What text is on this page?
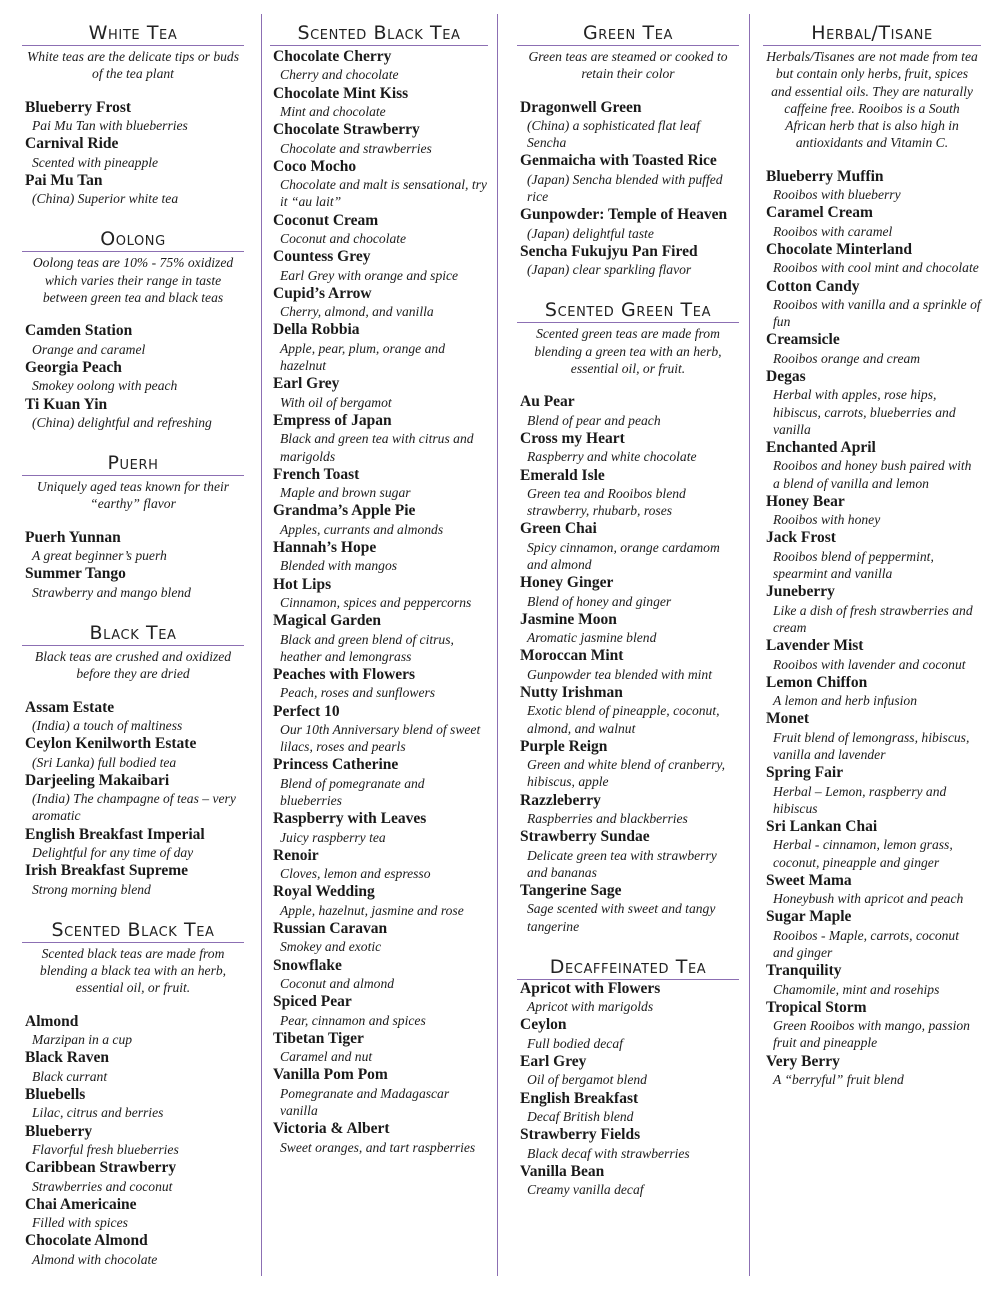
White Tea
White teas are the delicate tips or buds of the tea plant
Blueberry Frost
Pai Mu Tan with blueberries
Carnival Ride
Scented with pineapple
Pai Mu Tan
(China) Superior white tea
Oolong
Oolong teas are 10% - 75% oxidized which varies their range in taste between green tea and black teas
Camden Station
Orange and caramel
Georgia Peach
Smokey oolong with peach
Ti Kuan Yin
(China) delightful and refreshing
Puerh
Uniquely aged teas known for their “earthy” flavor
Puerh Yunnan
A great beginner’s puerh
Summer Tango
Strawberry and mango blend
Black Tea
Black teas are crushed and oxidized before they are dried
Assam Estate
(India) a touch of maltiness
Ceylon Kenilworth Estate
(Sri Lanka) full bodied tea
Darjeeling Makaibari
(India) The champagne of teas – very aromatic
English Breakfast Imperial
Delightful for any time of day
Irish Breakfast Supreme
Strong morning blend
Scented Black Tea
Scented black teas are made from blending a black tea with an herb, essential oil, or fruit.
Almond
Marzipan in a cup
Black Raven
Black currant
Bluebells
Lilac, citrus and berries
Blueberry
Flavorful fresh blueberries
Caribbean Strawberry
Strawberries and coconut
Chai Americaine
Filled with spices
Chocolate Almond
Almond with chocolate
Scented Black Tea
Chocolate Cherry
Cherry and chocolate
Chocolate Mint Kiss
Mint and chocolate
Chocolate Strawberry
Chocolate and strawberries
Coco Mocho
Chocolate and malt is sensational, try it “au lait”
Coconut Cream
Coconut and chocolate
Countess Grey
Earl Grey with orange and spice
Cupid’s Arrow
Cherry, almond, and vanilla
Della Robbia
Apple, pear, plum, orange and hazelnut
Earl Grey
With oil of bergamot
Empress of Japan
Black and green tea with citrus and marigolds
French Toast
Maple and brown sugar
Grandma’s Apple Pie
Apples, currants and almonds
Hannah’s Hope
Blended with mangos
Hot Lips
Cinnamon, spices and peppercorns
Magical Garden
Black and green blend of citrus, heather and lemongrass
Peaches with Flowers
Peach, roses and sunflowers
Perfect 10
Our 10th Anniversary blend of sweet lilacs, roses and pearls
Princess Catherine
Blend of pomegranate and blueberries
Raspberry with Leaves
Juicy raspberry tea
Renoir
Cloves, lemon and espresso
Royal Wedding
Apple, hazelnut, jasmine and rose
Russian Caravan
Smokey and exotic
Snowflake
Coconut and almond
Spiced Pear
Pear, cinnamon and spices
Tibetan Tiger
Caramel and nut
Vanilla Pom Pom
Pomegranate and Madagascar vanilla
Victoria & Albert
Sweet oranges, and tart raspberries
Green Tea
Green teas are steamed or cooked to retain their color
Dragonwell Green
(China) a sophisticated flat leaf Sencha
Genmaicha with Toasted Rice
(Japan) Sencha blended with puffed rice
Gunpowder: Temple of Heaven
(Japan) delightful taste
Sencha Fukujyu Pan Fired
(Japan) clear sparkling flavor
Scented Green Tea
Scented green teas are made from blending a green tea with an herb, essential oil, or fruit.
Au Pear
Blend of pear and peach
Cross my Heart
Raspberry and white chocolate
Emerald Isle
Green tea and Rooibos blend strawberry, rhubarb, roses
Green Chai
Spicy cinnamon, orange cardamom and almond
Honey Ginger
Blend of honey and ginger
Jasmine Moon
Aromatic jasmine blend
Moroccan Mint
Gunpowder tea blended with mint
Nutty Irishman
Exotic blend of pineapple, coconut, almond, and walnut
Purple Reign
Green and white blend of cranberry, hibiscus, apple
Razzleberry
Raspberries and blackberries
Strawberry Sundae
Delicate green tea with strawberry and bananas
Tangerine Sage
Sage scented with sweet and tangy tangerine
Decaffeinated Tea
Apricot with Flowers
Apricot with marigolds
Ceylon
Full bodied decaf
Earl Grey
Oil of bergamot blend
English Breakfast
Decaf British blend
Strawberry Fields
Black decaf with strawberries
Vanilla Bean
Creamy vanilla decaf
Herbal/Tisane
Herbals/Tisanes are not made from tea but contain only herbs, fruit, spices and essential oils. They are naturally caffeine free. Rooibos is a South African herb that is also high in antioxidants and Vitamin C.
Blueberry Muffin
Rooibos with blueberry
Caramel Cream
Rooibos with caramel
Chocolate Minterland
Rooibos with cool mint and chocolate
Cotton Candy
Rooibos with vanilla and a sprinkle of fun
Creamsicle
Rooibos orange and cream
Degas
Herbal with apples, rose hips, hibiscus, carrots, blueberries and vanilla
Enchanted April
Rooibos and honey bush paired with a blend of vanilla and lemon
Honey Bear
Rooibos with honey
Jack Frost
Rooibos blend of peppermint, spearmint and vanilla
Juneberry
Like a dish of fresh strawberries and cream
Lavender Mist
Rooibos with lavender and coconut
Lemon Chiffon
A lemon and herb infusion
Monet
Fruit blend of lemongrass, hibiscus, vanilla and lavender
Spring Fair
Herbal – Lemon, raspberry and hibiscus
Sri Lankan Chai
Herbal - cinnamon, lemon grass, coconut, pineapple and ginger
Sweet Mama
Honeybush with apricot and peach
Sugar Maple
Rooibos - Maple, carrots, coconut and ginger
Tranquility
Chamomile, mint and rosehips
Tropical Storm
Green Rooibos with mango, passion fruit and pineapple
Very Berry
A “berryful” fruit blend
